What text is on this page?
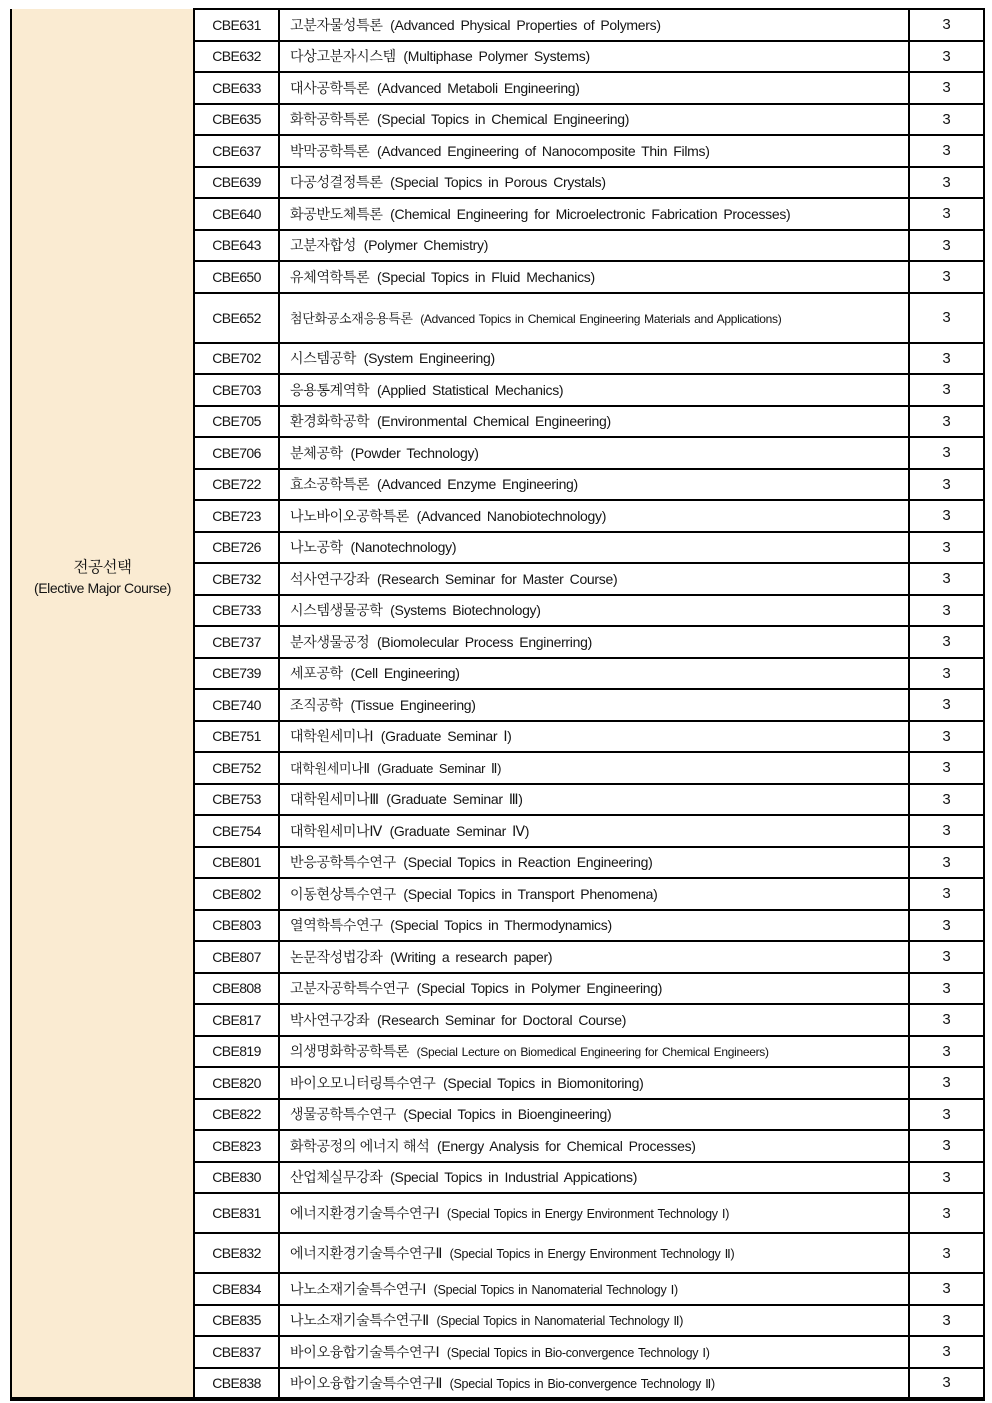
전공선택
(Elective Major Course)	CBE631	고분자물성특론 (Advanced Physical Properties of Polymers)	3
	CBE632	다상고분자시스템 (Multiphase Polymer Systems)	3
	CBE633	대사공학특론 (Advanced Metaboli Engineering)	3
	CBE635	화학공학특론 (Special Topics in Chemical Engineering)	3
	CBE637	박막공학특론 (Advanced Engineering of Nanocomposite Thin Films)	3
	CBE639	다공성결정특론 (Special Topics in Porous Crystals)	3
	CBE640	화공반도체특론 (Chemical Engineering for Microelectronic Fabrication Processes)	3
	CBE643	고분자합성 (Polymer Chemistry)	3
	CBE650	유체역학특론 (Special Topics in Fluid Mechanics)	3
	CBE652	첨단화공소재응용특론 (Advanced Topics in Chemical Engineering Materials and Applications)	3
	CBE702	시스템공학 (System Engineering)	3
	CBE703	응용통계역학 (Applied Statistical Mechanics)	3
	CBE705	환경화학공학 (Environmental Chemical Engineering)	3
	CBE706	분체공학 (Powder Technology)	3
	CBE722	효소공학특론 (Advanced Enzyme Engineering)	3
	CBE723	나노바이오공학특론 (Advanced Nanobiotechnology)	3
	CBE726	나노공학 (Nanotechnology)	3
	CBE732	석사연구강좌 (Research Seminar for Master Course)	3
	CBE733	시스템생물공학 (Systems Biotechnology)	3
	CBE737	분자생물공정 (Biomolecular Process Enginerring)	3
	CBE739	세포공학 (Cell Engineering)	3
	CBE740	조직공학 (Tissue Engineering)	3
	CBE751	대학원세미나Ⅰ (Graduate Seminar Ⅰ)	3
	CBE752	대학원세미나Ⅱ (Graduate Seminar Ⅱ)	3
	CBE753	대학원세미나Ⅲ (Graduate Seminar Ⅲ)	3
	CBE754	대학원세미나Ⅳ (Graduate Seminar Ⅳ)	3
	CBE801	반응공학특수연구 (Special Topics in Reaction Engineering)	3
	CBE802	이동현상특수연구 (Special Topics in Transport Phenomena)	3
	CBE803	열역학특수연구 (Special Topics in Thermodynamics)	3
	CBE807	논문작성법강좌 (Writing a research paper)	3
	CBE808	고분자공학특수연구 (Special Topics in Polymer Engineering)	3
	CBE817	박사연구강좌 (Research Seminar for Doctoral Course)	3
	CBE819	의생명화학공학특론 (Special Lecture on Biomedical Engineering for Chemical Engineers)	3
	CBE820	바이오모니터링특수연구 (Special Topics in Biomonitoring)	3
	CBE822	생물공학특수연구 (Special Topics in Bioengineering)	3
	CBE823	화학공정의 에너지 해석 (Energy Analysis for Chemical Processes)	3
	CBE830	산업체실무강좌 (Special Topics in Industrial Appications)	3
	CBE831	에너지환경기술특수연구Ⅰ (Special Topics in Energy Environment Technology Ⅰ)	3
	CBE832	에너지환경기술특수연구Ⅱ (Special Topics in Energy Environment Technology Ⅱ)	3
	CBE834	나노소재기술특수연구Ⅰ (Special Topics in Nanomaterial Technology Ⅰ)	3
	CBE835	나노소재기술특수연구Ⅱ (Special Topics in Nanomaterial Technology Ⅱ)	3
	CBE837	바이오융합기술특수연구Ⅰ (Special Topics in Bio-convergence Technology Ⅰ)	3
	CBE838	바이오융합기술특수연구Ⅱ (Special Topics in Bio-convergence Technology Ⅱ)	3
